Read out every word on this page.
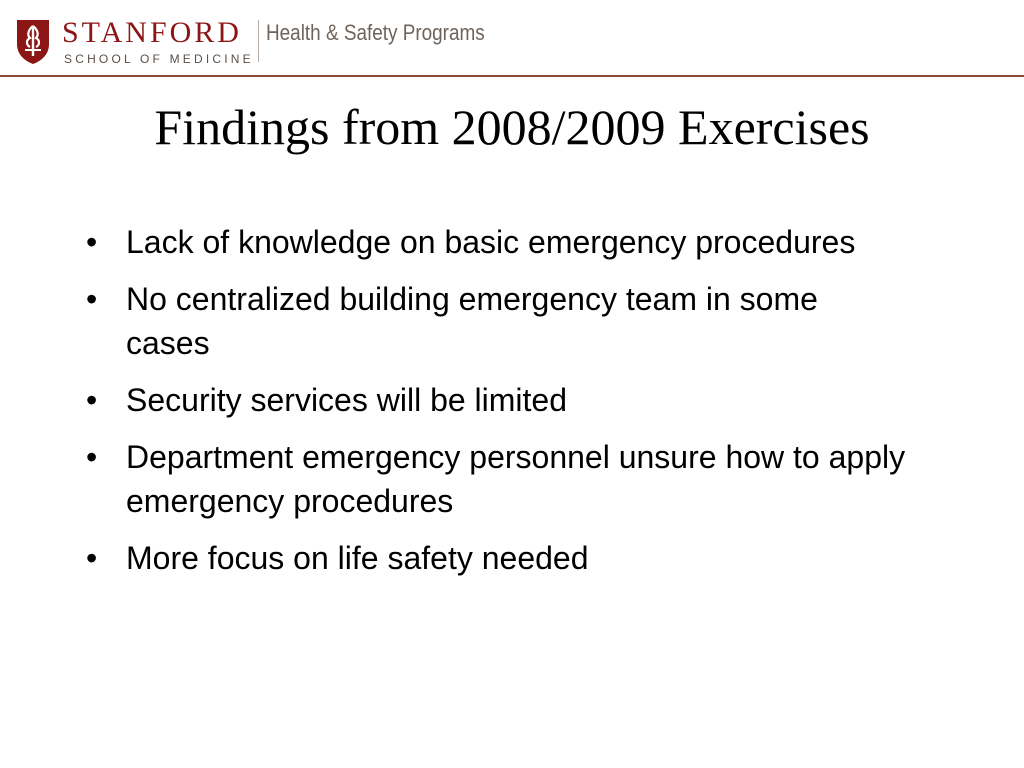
STANFORD
SCHOOL OF MEDICINE
Health & Safety Programs
Findings from 2008/2009 Exercises
• Lack of knowledge on basic emergency procedures
• No centralized building emergency team in some cases
• Security services will be limited
• Department emergency personnel unsure how to apply emergency procedures
• More focus on life safety needed
